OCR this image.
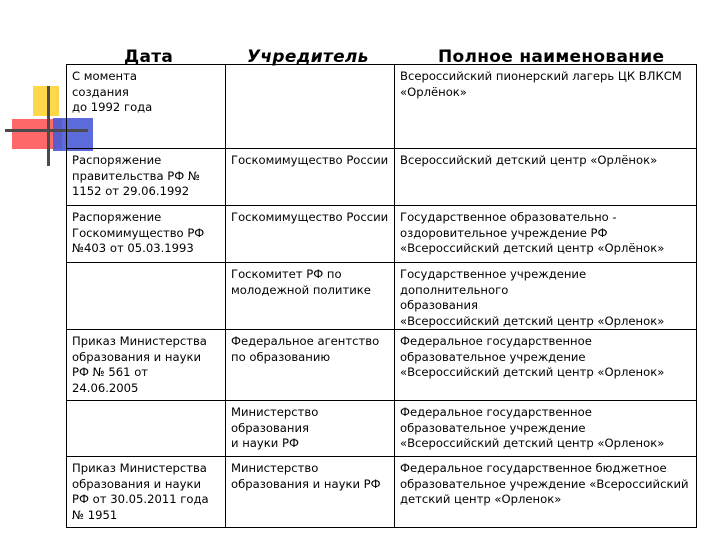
Дата	Учредитель	Полное наименование
С момента
создания
до 1992 года		Всероссийский пионерский лагерь ЦК ВЛКСМ
«Орлёнок»
Распоряжение
правительства РФ №
1152 от 29.06.1992	Госкомимущество России	Всероссийский детский центр «Орлёнок»
Распоряжение
Госкомимущество РФ
№403 от 05.03.1993	Госкомимущество России	Государственное образовательно -
оздоровительное учреждение РФ
«Всероссийский детский центр «Орлёнок»
	Госкомитет РФ по
молодежной политике	Государственное учреждение дополнительного
образования
«Всероссийский детский центр «Орленок»
Приказ Министерства
образования и науки
РФ № 561 от
24.06.2005	Федеральное агентство
по образованию	Федеральное государственное
образовательное учреждение
«Всероссийский детский центр «Орленок»
	Министерство
образования
и науки РФ	Федеральное государственное
образовательное учреждение
«Всероссийский детский центр «Орленок»
Приказ Министерства
образования и науки
РФ от 30.05.2011 года
№ 1951	Министерство
образования и науки РФ	Федеральное государственное бюджетное
образовательное учреждение «Всероссийский
детский центр «Орленок»
